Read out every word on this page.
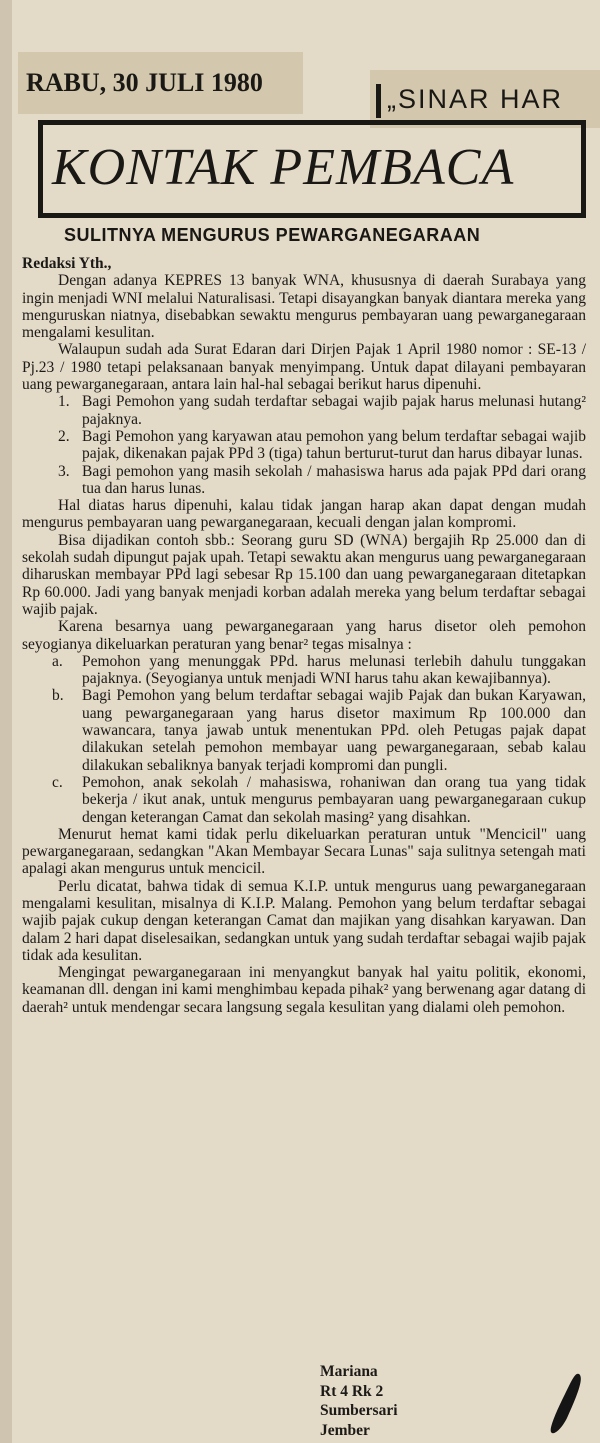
RABU, 30 JULI 1980
„SINAR HAR
KONTAK PEMBACA
SULITNYA MENGURUS PEWARGANEGARAAN

Redaksi Yth.,

Dengan adanya KEPRES 13 banyak WNA, khususnya di daerah Surabaya yang ingin menjadi WNI melalui Naturalisasi. Tetapi disayangkan banyak diantara mereka yang menguruskan niatnya, disebabkan sewaktu mengurus pembayaran uang pewarganegaraan mengalami kesulitan.

Walaupun sudah ada Surat Edaran dari Dirjen Pajak 1 April 1980 nomor : SE-13 / Pj.23 / 1980 tetapi pelaksanaan banyak menyimpang. Untuk dapat dilayani pembayaran uang pewarganegaraan, antara lain hal-hal sebagai berikut harus dipenuhi.

1. Bagi Pemohon yang sudah terdaftar sebagai wajib pajak harus melunasi hutang² pajaknya.
2. Bagi Pemohon yang karyawan atau pemohon yang belum terdaftar sebagai wajib pajak, dikenakan pajak PPd 3 (tiga) tahun berturut-turut dan harus dibayar lunas.
3. Bagi pemohon yang masih sekolah / mahasiswa harus ada pajak PPd dari orang tua dan harus lunas.

Hal diatas harus dipenuhi, kalau tidak jangan harap akan dapat dengan mudah mengurus pembayaran uang pewarganegaraan, kecuali dengan jalan kompromi.

Bisa dijadikan contoh sbb.: Seorang guru SD (WNA) bergajih Rp 25.000 dan di sekolah sudah dipungut pajak upah. Tetapi sewaktu akan mengurus uang pewarganegaraan diharuskan membayar PPd lagi sebesar Rp 15.100 dan uang pewarganegaraan ditetapkan Rp 60.000. Jadi yang banyak menjadi korban adalah mereka yang belum terdaftar sebagai wajib pajak.

Karena besarnya uang pewarganegaraan yang harus disetor oleh pemohon seyogianya dikeluarkan peraturan yang benar² tegas misalnya :

a. Pemohon yang menunggak PPd. harus melunasi terlebih dahulu tunggakan pajaknya. (Seyogianya untuk menjadi WNI harus tahu akan kewajibannya).
b. Bagi Pemohon yang belum terdaftar sebagai wajib Pajak dan bukan Karyawan, uang pewarganegaraan yang harus disetor maximum Rp 100.000 dan wawancara, tanya jawab untuk menentukan PPd. oleh Petugas pajak dapat dilakukan setelah pemohon membayar uang pewarganegaraan, sebab kalau dilakukan sebaliknya banyak terjadi kompromi dan pungli.
c. Pemohon, anak sekolah / mahasiswa, rohaniwan dan orang tua yang tidak bekerja / ikut anak, untuk mengurus pembayaran uang pewarganegaraan cukup dengan keterangan Camat dan sekolah masing² yang disahkan.

Menurut hemat kami tidak perlu dikeluarkan peraturan untuk "Mencicil" uang pewarganegaraan, sedangkan "Akan Membayar Secara Lunas" saja sulitnya setengah mati apalagi akan mengurus untuk mencicil.

Perlu dicatat, bahwa tidak di semua K.I.P. untuk mengurus uang pewarganegaraan mengalami kesulitan, misalnya di K.I.P. Malang. Pemohon yang belum terdaftar sebagai wajib pajak cukup dengan keterangan Camat dan majikan yang disahkan karyawan. Dan dalam 2 hari dapat diselesaikan, sedangkan untuk yang sudah terdaftar sebagai wajib pajak tidak ada kesulitan.

Mengingat pewarganegaraan ini menyangkut banyak hal yaitu politik, ekonomi, keamanan dll. dengan ini kami menghimbau kepada pihak² yang berwenang agar datang di daerah² untuk mendengar secara langsung segala kesulitan yang dialami oleh pemohon.

Mariana
Rt 4 Rk 2
Sumbersari
Jember
